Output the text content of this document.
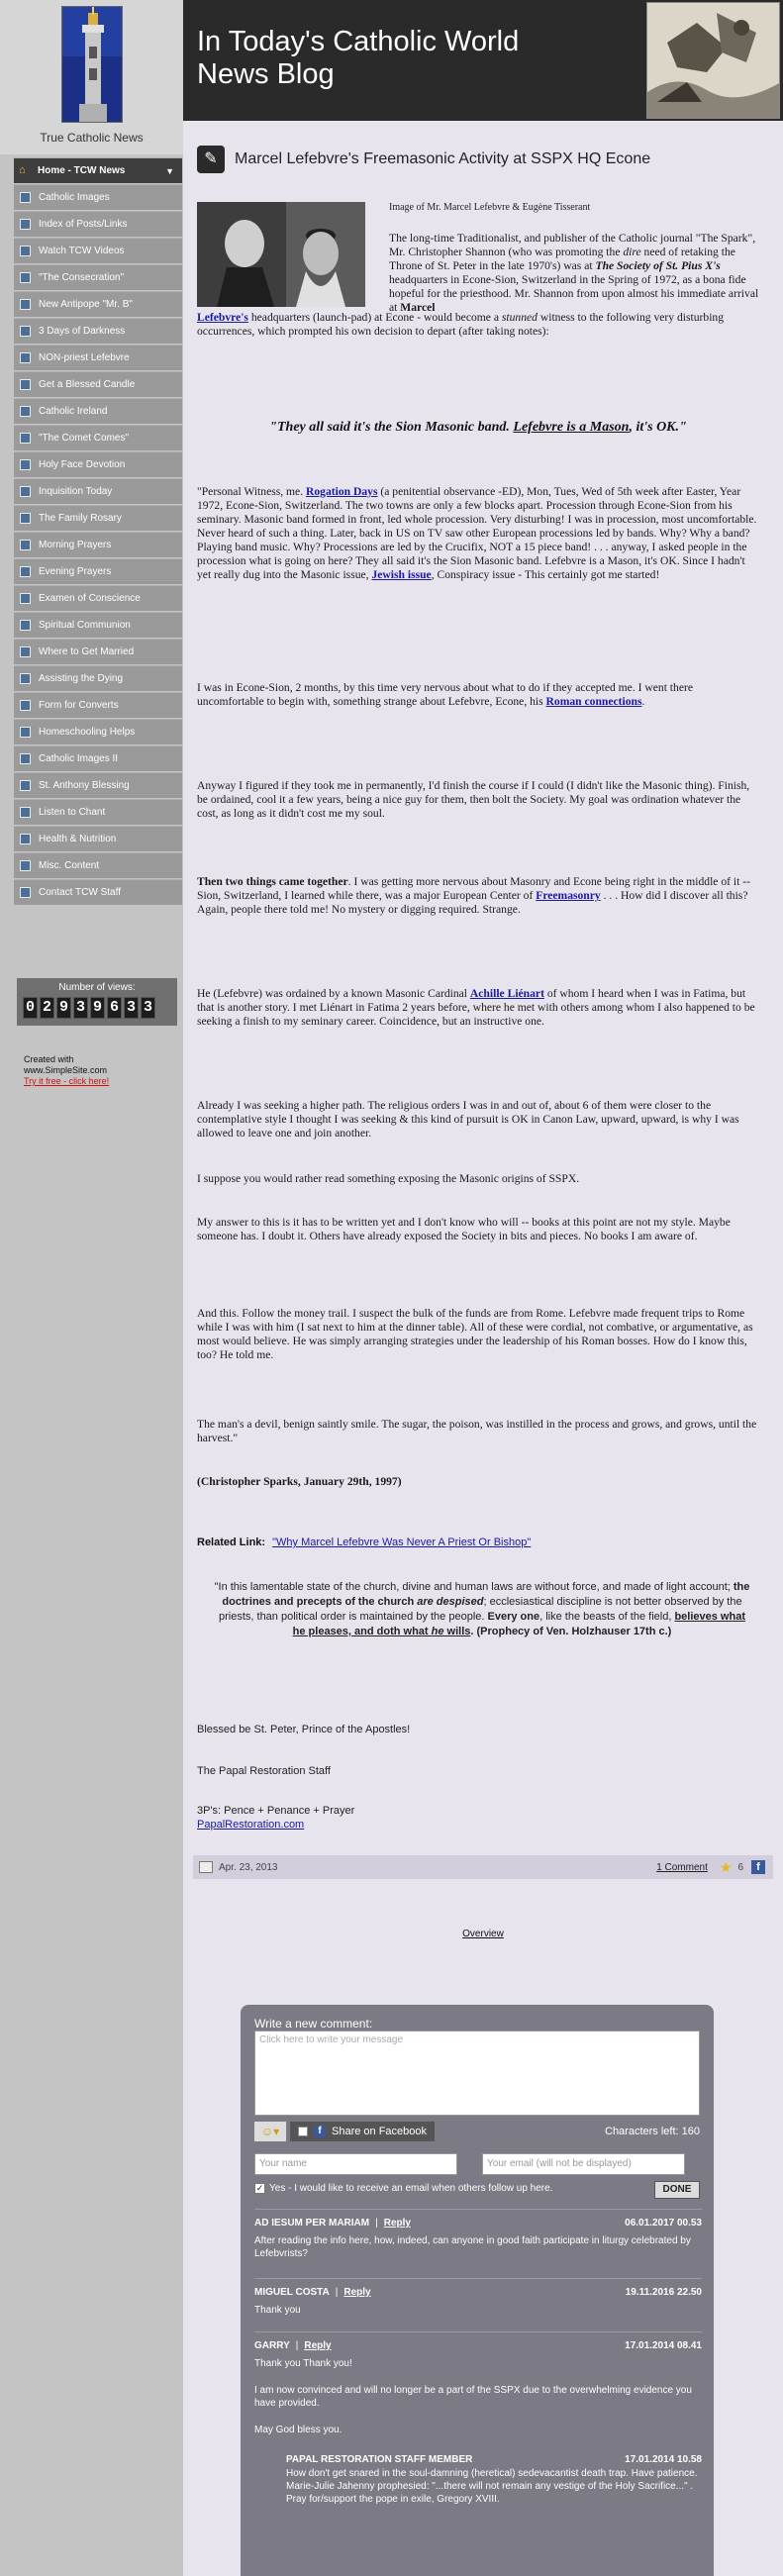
True Catholic News
⌂	Home - TCW News	▼
Catholic Images
Index of Posts/Links
Watch TCW Videos
"The Consecration"
New Antipope "Mr. B"
3 Days of Darkness
NON-priest Lefebvre
Get a Blessed Candle
Catholic Ireland
"The Comet Comes"
Holy Face Devotion
Inquisition Today
The Family Rosary
Morning Prayers
Evening Prayers
Examen of Conscience
Spiritual Communion
Where to Get Married
Assisting the Dying
Form for Converts
Homeschooling Helps
Catholic Images II
St. Anthony Blessing
Listen to Chant
Health & Nutrition
Misc. Content
Contact TCW Staff
Number of views:
0 2 9 3 9 6 3 3
Created with
www.SimpleSite.com
Try it free - click here!
In Today's Catholic World News Blog
✎	Marcel Lefebvre's Freemasonic Activity at SSPX HQ Econe
Image of Mr. Marcel Lefebvre & Eugène Tisserant
The long-time Traditionalist, and publisher of the Catholic journal "The Spark", Mr. Christopher Shannon (who was promoting the dire need of retaking the Throne of St. Peter in the late 1970's) was at The Society of St. Pius X's headquarters in Econe-Sion, Switzerland in the Spring of 1972, as a bona fide hopeful for the priesthood. Mr. Shannon from upon almost his immediate arrival at Marcel
Lefebvre's headquarters (launch-pad) at Econe - would become a stunned witness to the following very disturbing occurrences, which prompted his own decision to depart (after taking notes):
"They all said it's the Sion Masonic band. Lefebvre is a Mason, it's OK."
"Personal Witness, me. Rogation Days (a penitential observance -ED), Mon, Tues, Wed of 5th week after Easter, Year 1972, Econe-Sion, Switzerland. The two towns are only a few blocks apart. Procession through Econe-Sion from his seminary. Masonic band formed in front, led whole procession. Very disturbing! I was in procession, most uncomfortable. Never heard of such a thing. Later, back in US on TV saw other European processions led by bands. Why? Why a band? Playing band music. Why? Processions are led by the Crucifix, NOT a 15 piece band! . . . anyway, I asked people in the procession what is going on here? They all said it's the Sion Masonic band. Lefebvre is a Mason, it's OK. Since I hadn't yet really dug into the Masonic issue, Jewish issue, Conspiracy issue - This certainly got me started!
I was in Econe-Sion, 2 months, by this time very nervous about what to do if they accepted me. I went there uncomfortable to begin with, something strange about Lefebvre, Econe, his Roman connections.
Anyway I figured if they took me in permanently, I'd finish the course if I could (I didn't like the Masonic thing). Finish, be ordained, cool it a few years, being a nice guy for them, then bolt the Society. My goal was ordination whatever the cost, as long as it didn't cost me my soul.
Then two things came together. I was getting more nervous about Masonry and Econe being right in the middle of it -- Sion, Switzerland, I learned while there, was a major European Center of Freemasonry . . . How did I discover all this? Again, people there told me! No mystery or digging required. Strange.
He (Lefebvre) was ordained by a known Masonic Cardinal Achille Liénart of whom I heard when I was in Fatima, but that is another story. I met Liénart in Fatima 2 years before, where he met with others among whom I also happened to be seeking a finish to my seminary career. Coincidence, but an instructive one.
Already I was seeking a higher path. The religious orders I was in and out of, about 6 of them were closer to the contemplative style I thought I was seeking & this kind of pursuit is OK in Canon Law, upward, upward, is why I was allowed to leave one and join another.
I suppose you would rather read something exposing the Masonic origins of SSPX.
My answer to this is it has to be written yet and I don't know who will -- books at this point are not my style. Maybe someone has. I doubt it. Others have already exposed the Society in bits and pieces. No books I am aware of.
And this. Follow the money trail. I suspect the bulk of the funds are from Rome. Lefebvre made frequent trips to Rome while I was with him (I sat next to him at the dinner table). All of these were cordial, not combative, or argumentative, as most would believe. He was simply arranging strategies under the leadership of his Roman bosses. How do I know this, too? He told me.
The man's a devil, benign saintly smile. The sugar, the poison, was instilled in the process and grows, and grows, until the harvest."
(Christopher Sparks, January 29th, 1997)
Related Link: "Why Marcel Lefebvre Was Never A Priest Or Bishop"
"In this lamentable state of the church, divine and human laws are without force, and made of light account; the doctrines and precepts of the church are despised; ecclesiastical discipline is not better observed by the priests, than political order is maintained by the people. Every one, like the beasts of the field, believes what he pleases, and doth what he wills. (Prophecy of Ven. Holzhauser 17th c.)
Blessed be St. Peter, Prince of the Apostles!
The Papal Restoration Staff
3P's: Pence + Penance + Prayer
PapalRestoration.com
Apr. 23, 2013	1 Comment ★ 6	f
Overview
Write a new comment:
Click here to write your message
☺▾	f Share on Facebook	Characters left: 160
Your name	Your email (will not be displayed)
✓ Yes - I would like to receive an email when others follow up here.	DONE
AD IESUM PER MARIAM | Reply	06.01.2017 00.53
After reading the info here, how, indeed, can anyone in good faith participate in liturgy celebrated by Lefebvrists?
MIGUEL COSTA | Reply	19.11.2016 22.50
Thank you
GARRY | Reply	17.01.2014 08.41
Thank you Thank you!
I am now convinced and will no longer be a part of the SSPX due to the overwhelming evidence you have provided.
May God bless you.
PAPAL RESTORATION STAFF MEMBER	17.01.2014 10.58
How don't get snared in the soul-damning (heretical) sedevacantist death trap. Have patience. Marie-Julie Jahenny prophesied: "...there will not remain any vestige of the Holy Sacrifice..." . Pray for/support the pope in exile, Gregory XVIII.
